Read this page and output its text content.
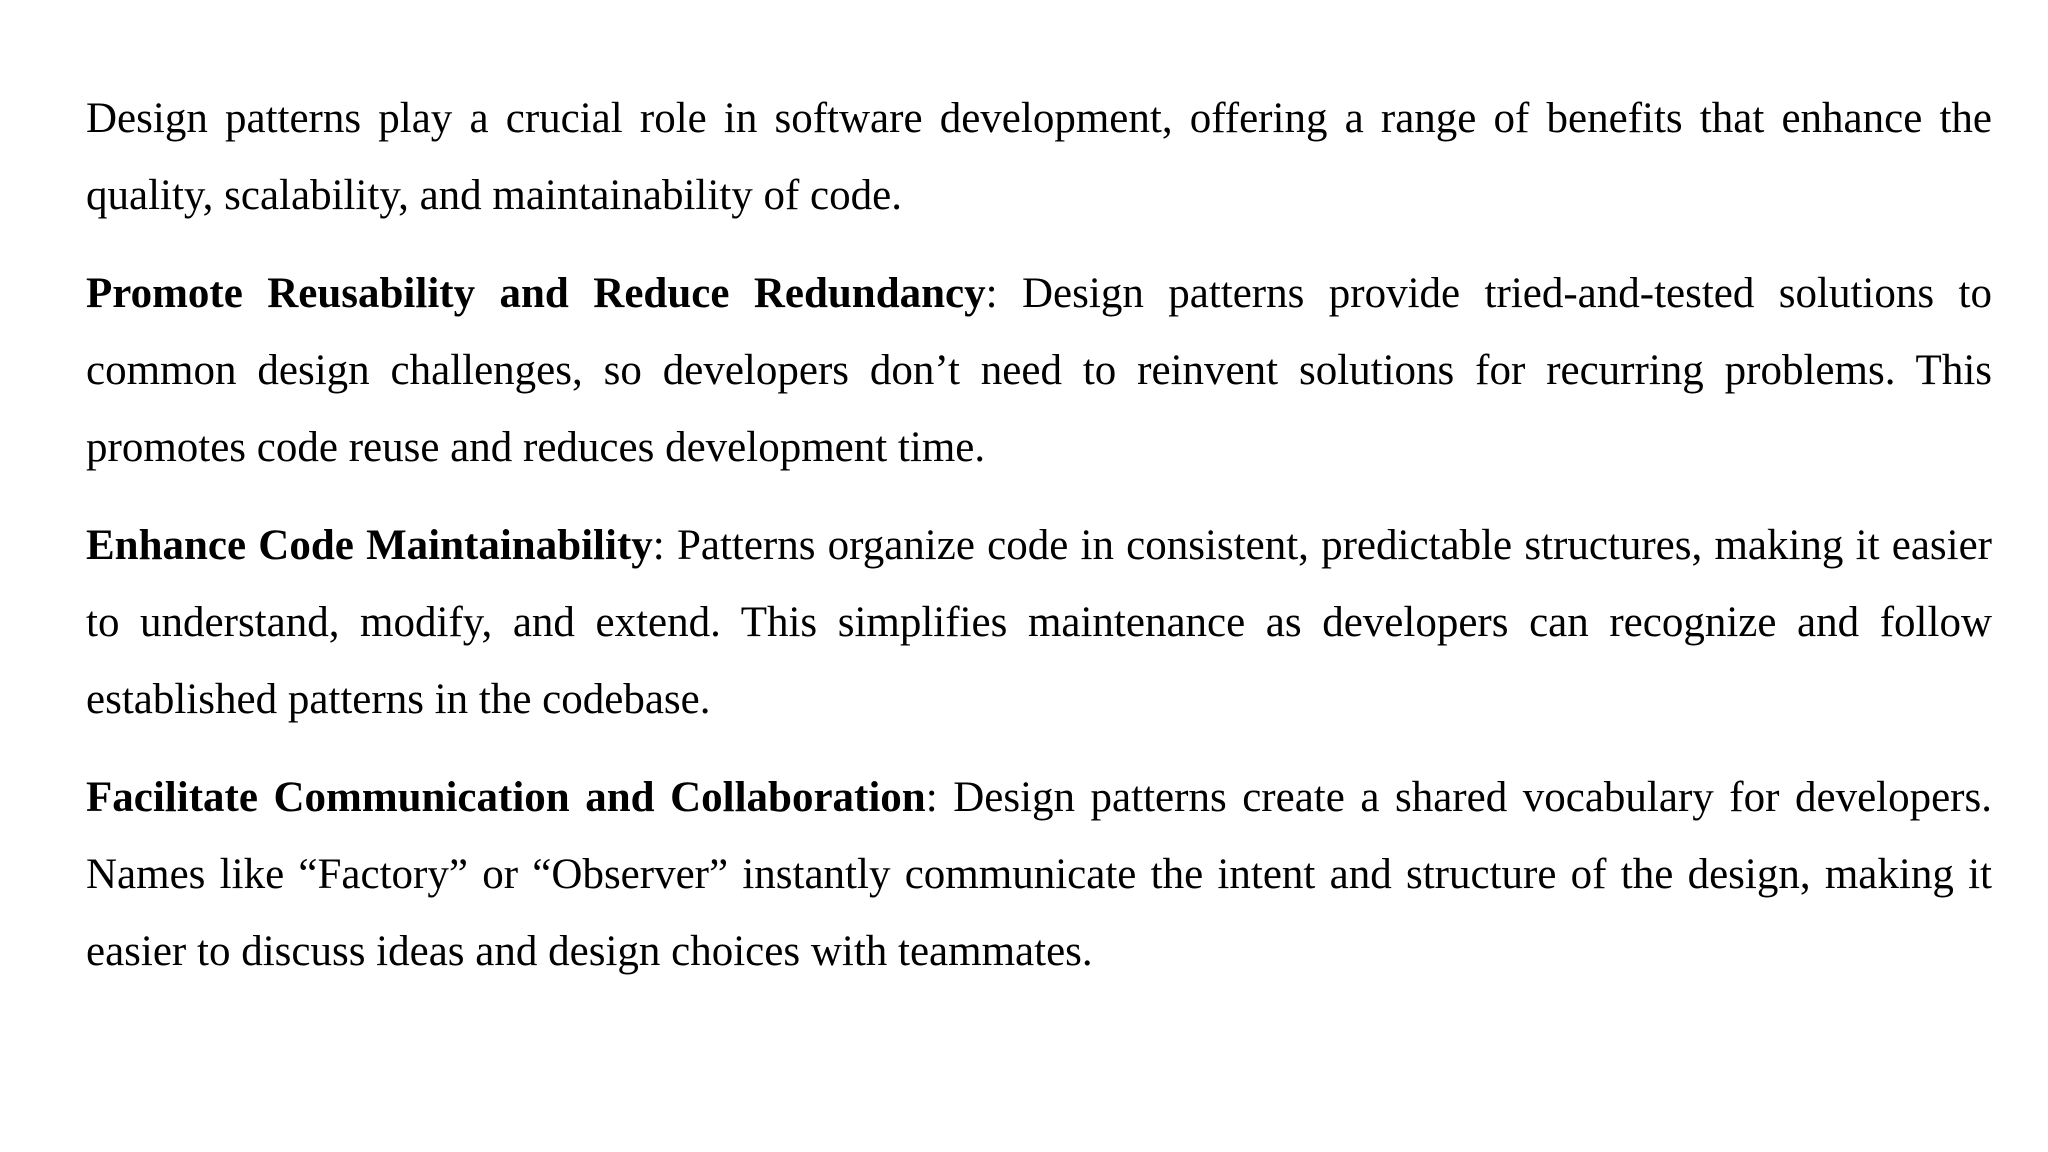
Design patterns play a crucial role in software development, offering a range of benefits that enhance the quality, scalability, and maintainability of code.

Promote Reusability and Reduce Redundancy: Design patterns provide tried-and-tested solutions to common design challenges, so developers don’t need to reinvent solutions for recurring problems. This promotes code reuse and reduces development time.

Enhance Code Maintainability: Patterns organize code in consistent, predictable structures, making it easier to understand, modify, and extend. This simplifies maintenance as developers can recognize and follow established patterns in the codebase.

Facilitate Communication and Collaboration: Design patterns create a shared vocabulary for developers. Names like “Factory” or “Observer” instantly communicate the intent and structure of the design, making it easier to discuss ideas and design choices with teammates.
